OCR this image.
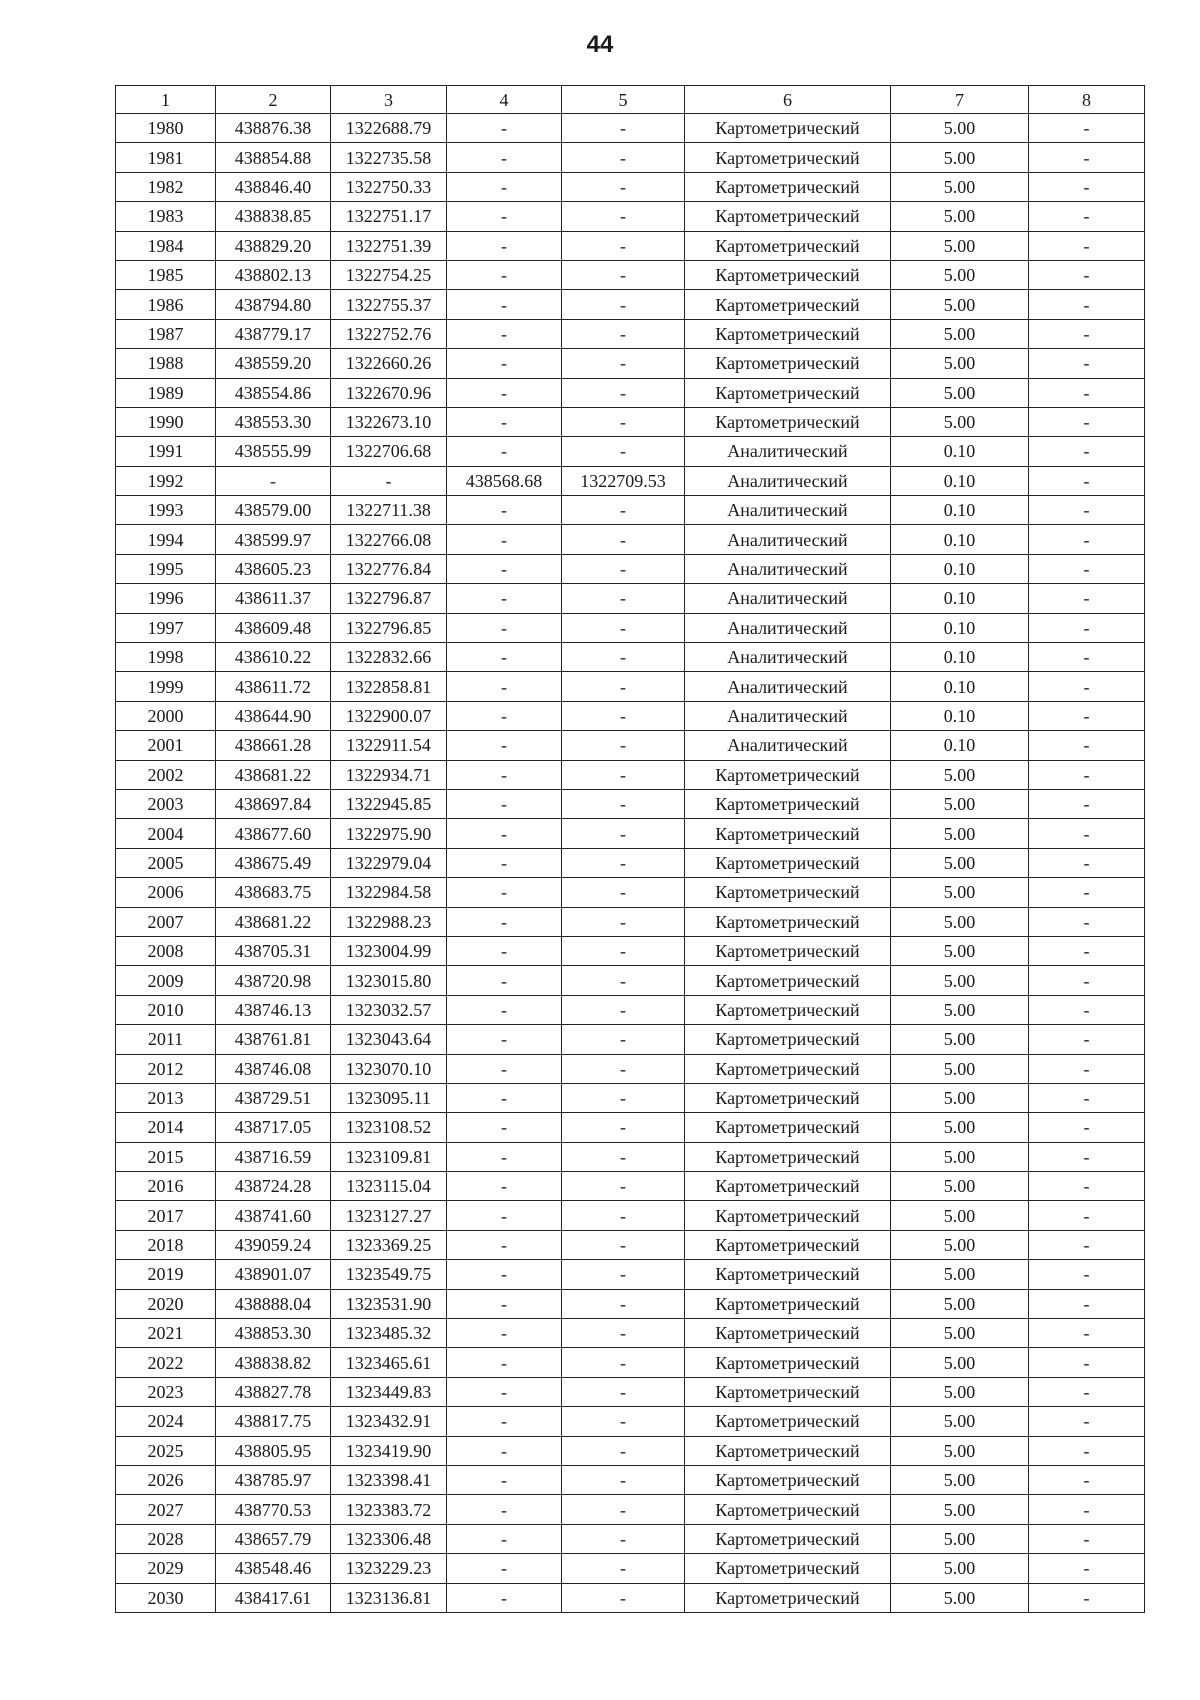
44
1	2	3	4	5	6	7	8
1980	438876.38	1322688.79	-	-	Картометрический	5.00	-
1981	438854.88	1322735.58	-	-	Картометрический	5.00	-
1982	438846.40	1322750.33	-	-	Картометрический	5.00	-
1983	438838.85	1322751.17	-	-	Картометрический	5.00	-
1984	438829.20	1322751.39	-	-	Картометрический	5.00	-
1985	438802.13	1322754.25	-	-	Картометрический	5.00	-
1986	438794.80	1322755.37	-	-	Картометрический	5.00	-
1987	438779.17	1322752.76	-	-	Картометрический	5.00	-
1988	438559.20	1322660.26	-	-	Картометрический	5.00	-
1989	438554.86	1322670.96	-	-	Картометрический	5.00	-
1990	438553.30	1322673.10	-	-	Картометрический	5.00	-
1991	438555.99	1322706.68	-	-	Аналитический	0.10	-
1992	-	-	438568.68	1322709.53	Аналитический	0.10	-
1993	438579.00	1322711.38	-	-	Аналитический	0.10	-
1994	438599.97	1322766.08	-	-	Аналитический	0.10	-
1995	438605.23	1322776.84	-	-	Аналитический	0.10	-
1996	438611.37	1322796.87	-	-	Аналитический	0.10	-
1997	438609.48	1322796.85	-	-	Аналитический	0.10	-
1998	438610.22	1322832.66	-	-	Аналитический	0.10	-
1999	438611.72	1322858.81	-	-	Аналитический	0.10	-
2000	438644.90	1322900.07	-	-	Аналитический	0.10	-
2001	438661.28	1322911.54	-	-	Аналитический	0.10	-
2002	438681.22	1322934.71	-	-	Картометрический	5.00	-
2003	438697.84	1322945.85	-	-	Картометрический	5.00	-
2004	438677.60	1322975.90	-	-	Картометрический	5.00	-
2005	438675.49	1322979.04	-	-	Картометрический	5.00	-
2006	438683.75	1322984.58	-	-	Картометрический	5.00	-
2007	438681.22	1322988.23	-	-	Картометрический	5.00	-
2008	438705.31	1323004.99	-	-	Картометрический	5.00	-
2009	438720.98	1323015.80	-	-	Картометрический	5.00	-
2010	438746.13	1323032.57	-	-	Картометрический	5.00	-
2011	438761.81	1323043.64	-	-	Картометрический	5.00	-
2012	438746.08	1323070.10	-	-	Картометрический	5.00	-
2013	438729.51	1323095.11	-	-	Картометрический	5.00	-
2014	438717.05	1323108.52	-	-	Картометрический	5.00	-
2015	438716.59	1323109.81	-	-	Картометрический	5.00	-
2016	438724.28	1323115.04	-	-	Картометрический	5.00	-
2017	438741.60	1323127.27	-	-	Картометрический	5.00	-
2018	439059.24	1323369.25	-	-	Картометрический	5.00	-
2019	438901.07	1323549.75	-	-	Картометрический	5.00	-
2020	438888.04	1323531.90	-	-	Картометрический	5.00	-
2021	438853.30	1323485.32	-	-	Картометрический	5.00	-
2022	438838.82	1323465.61	-	-	Картометрический	5.00	-
2023	438827.78	1323449.83	-	-	Картометрический	5.00	-
2024	438817.75	1323432.91	-	-	Картометрический	5.00	-
2025	438805.95	1323419.90	-	-	Картометрический	5.00	-
2026	438785.97	1323398.41	-	-	Картометрический	5.00	-
2027	438770.53	1323383.72	-	-	Картометрический	5.00	-
2028	438657.79	1323306.48	-	-	Картометрический	5.00	-
2029	438548.46	1323229.23	-	-	Картометрический	5.00	-
2030	438417.61	1323136.81	-	-	Картометрический	5.00	-
